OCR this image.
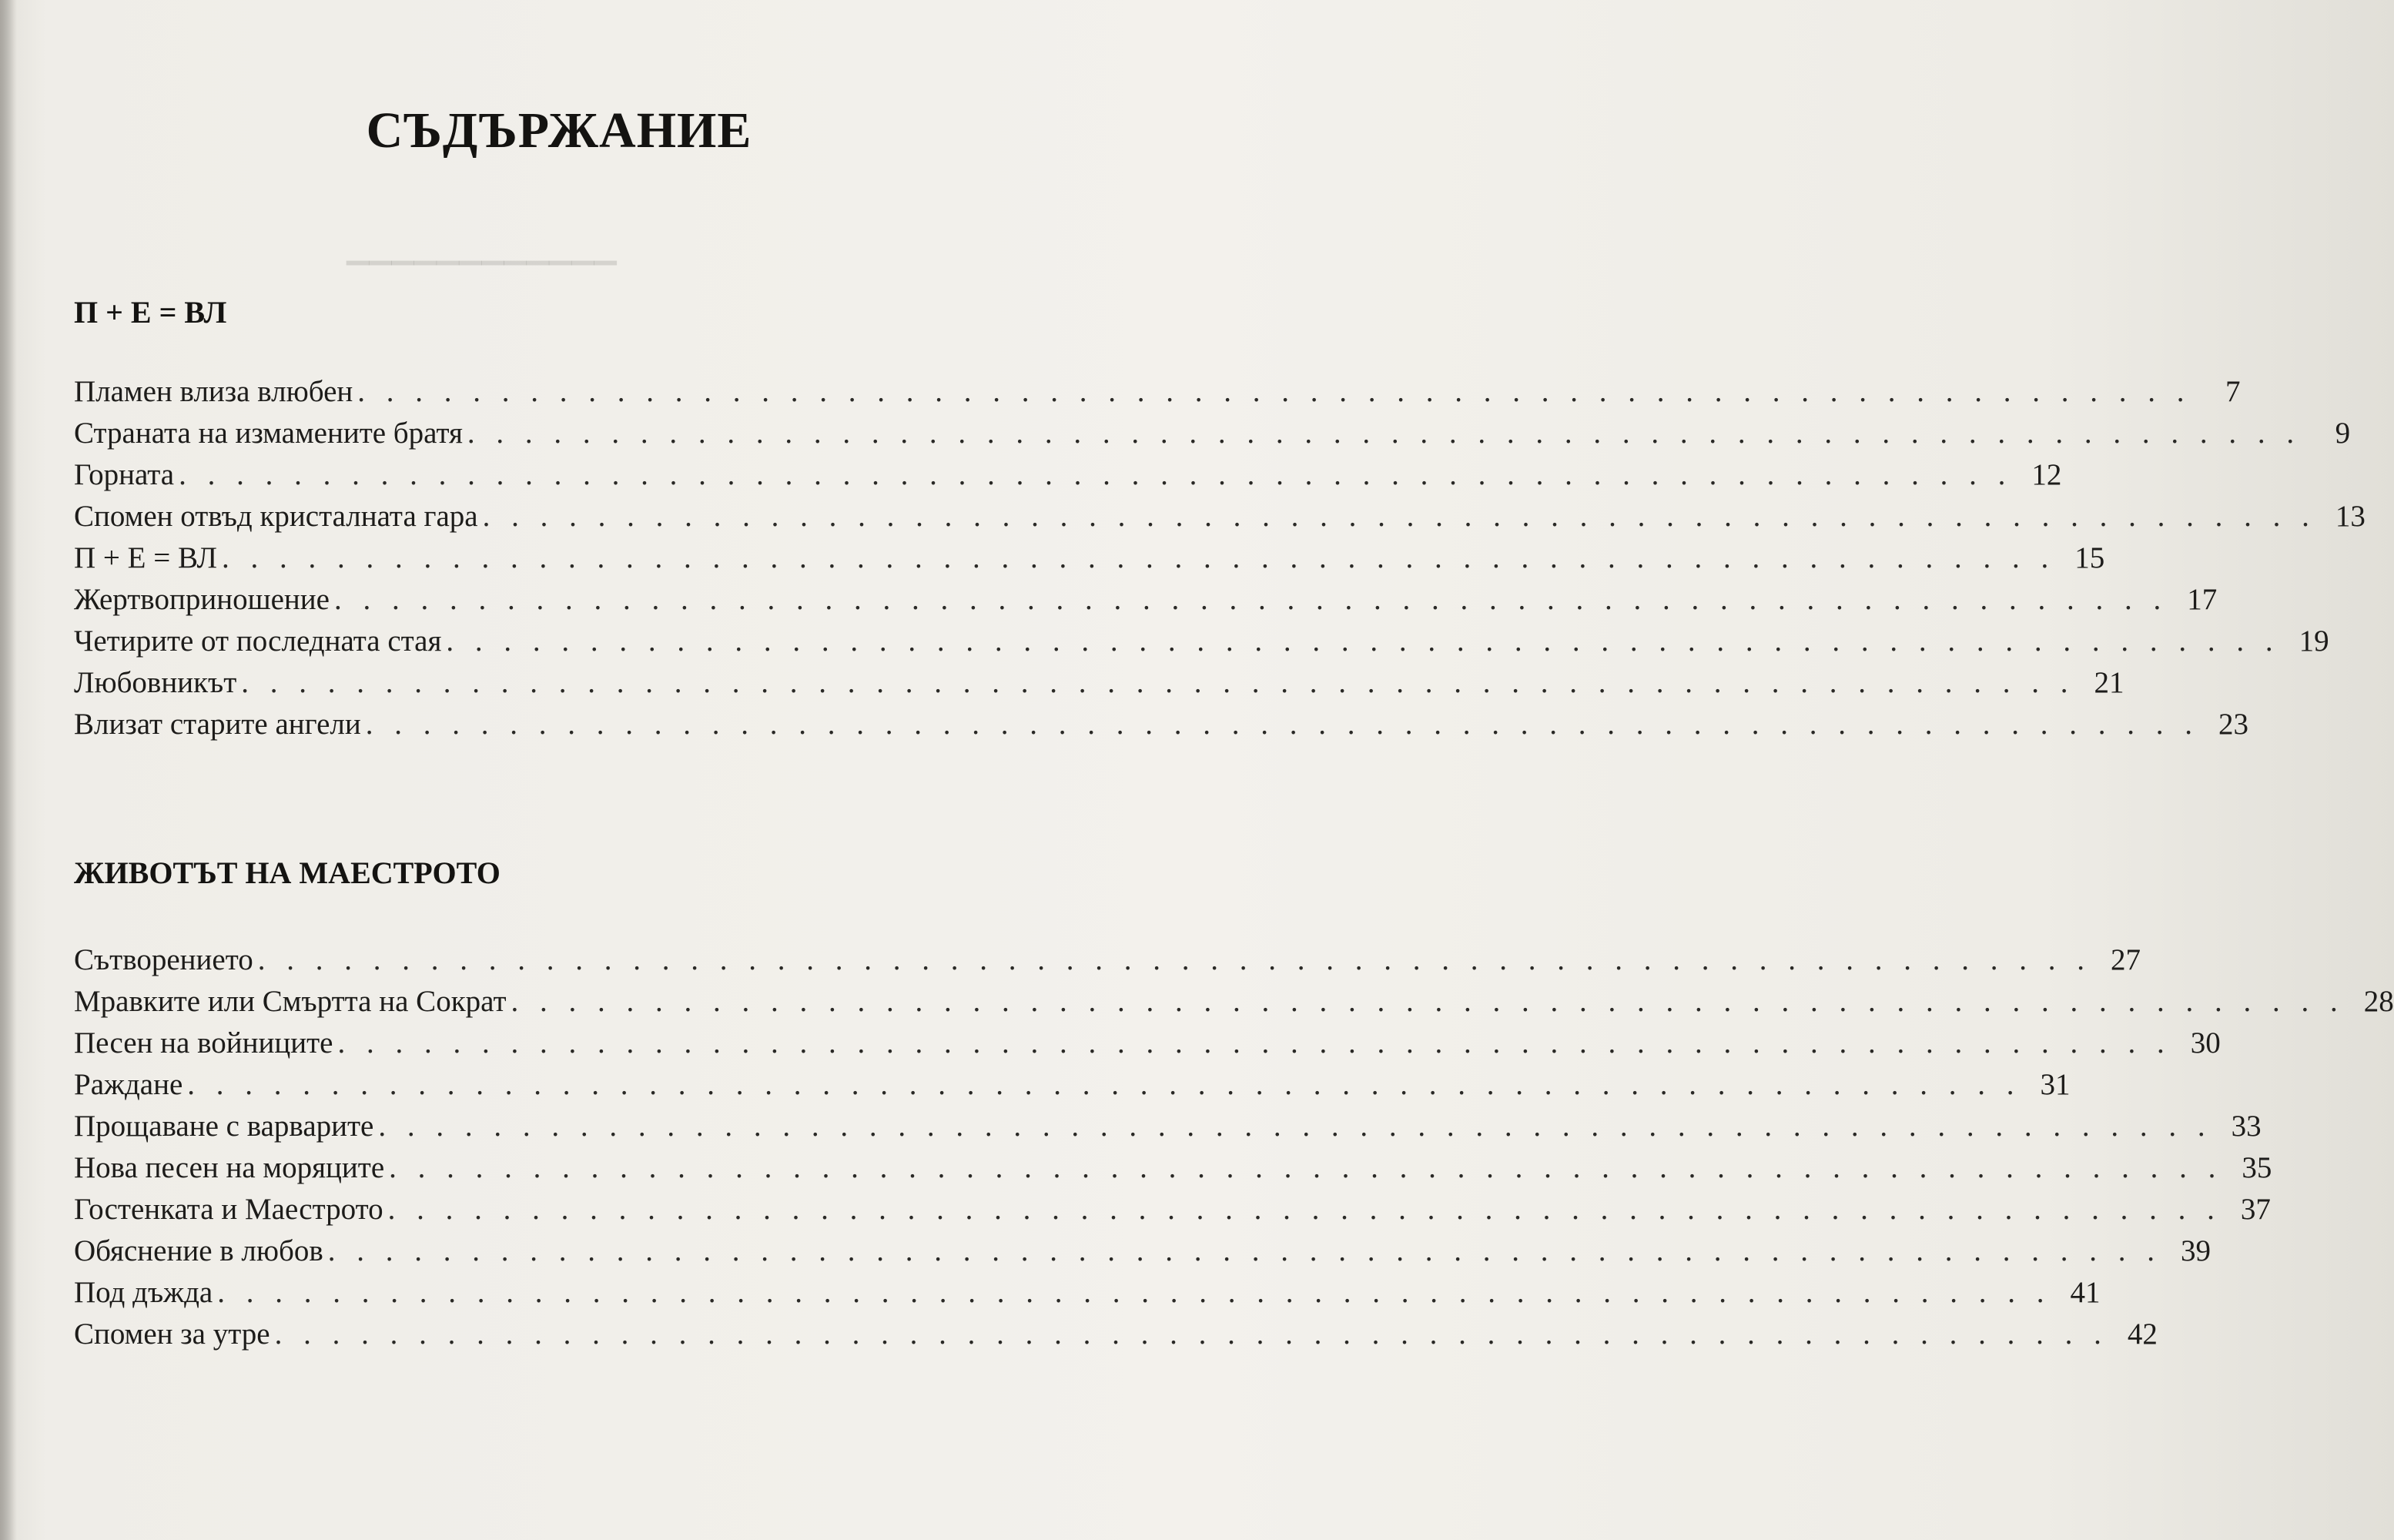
▁▁▁▁▁▁▁▁▁▁▁▁
СЪДЪРЖАНИЕ
П + Е = ВЛ
Пламен влиза влюбен . . . . . . . . . . . . . . . . . . . . . . . . . . . . . . . . . . . . . . . . . . . . . . . . . . . . . . . . . . . . . . . .	7
Страната на измамените братя . . . . . . . . . . . . . . . . . . . . . . . . . . . . . . . . . . . . . . . . . . . . . . . . . . . . . . . . . . . . . . . .	9
Горната . . . . . . . . . . . . . . . . . . . . . . . . . . . . . . . . . . . . . . . . . . . . . . . . . . . . . . . . . . . . . . . . 12
Спомен отвъд кристалната гара . . . . . . . . . . . . . . . . . . . . . . . . . . . . . . . . . . . . . . . . . . . . . . . . . . . . . . . . . . . . . . . . 13
П + Е = ВЛ . . . . . . . . . . . . . . . . . . . . . . . . . . . . . . . . . . . . . . . . . . . . . . . . . . . . . . . . . . . . . . . . 15
Жертвоприношение . . . . . . . . . . . . . . . . . . . . . . . . . . . . . . . . . . . . . . . . . . . . . . . . . . . . . . . . . . . . . . . . 17
Четирите от последната стая . . . . . . . . . . . . . . . . . . . . . . . . . . . . . . . . . . . . . . . . . . . . . . . . . . . . . . . . . . . . . . . . 19
Любовникът . . . . . . . . . . . . . . . . . . . . . . . . . . . . . . . . . . . . . . . . . . . . . . . . . . . . . . . . . . . . . . . . 21
Влизат старите ангели . . . . . . . . . . . . . . . . . . . . . . . . . . . . . . . . . . . . . . . . . . . . . . . . . . . . . . . . . . . . . . . . 23
ЖИВОТЪТ НА МАЕСТРОТО
Сътворението . . . . . . . . . . . . . . . . . . . . . . . . . . . . . . . . . . . . . . . . . . . . . . . . . . . . . . . . . . . . . . . . 27
Мравките или Смъртта на Сократ . . . . . . . . . . . . . . . . . . . . . . . . . . . . . . . . . . . . . . . . . . . . . . . . . . . . . . . . . . . . . . . . 28
Песен на войниците . . . . . . . . . . . . . . . . . . . . . . . . . . . . . . . . . . . . . . . . . . . . . . . . . . . . . . . . . . . . . . . . 30
Раждане . . . . . . . . . . . . . . . . . . . . . . . . . . . . . . . . . . . . . . . . . . . . . . . . . . . . . . . . . . . . . . . . 31
Прощаване с варварите . . . . . . . . . . . . . . . . . . . . . . . . . . . . . . . . . . . . . . . . . . . . . . . . . . . . . . . . . . . . . . . . 33
Нова песен на моряците . . . . . . . . . . . . . . . . . . . . . . . . . . . . . . . . . . . . . . . . . . . . . . . . . . . . . . . . . . . . . . . . 35
Гостенката и Маестрото . . . . . . . . . . . . . . . . . . . . . . . . . . . . . . . . . . . . . . . . . . . . . . . . . . . . . . . . . . . . . . . . 37
Обяснение в любов . . . . . . . . . . . . . . . . . . . . . . . . . . . . . . . . . . . . . . . . . . . . . . . . . . . . . . . . . . . . . . . . 39
Под дъжда . . . . . . . . . . . . . . . . . . . . . . . . . . . . . . . . . . . . . . . . . . . . . . . . . . . . . . . . . . . . . . . . 41
Спомен за утре . . . . . . . . . . . . . . . . . . . . . . . . . . . . . . . . . . . . . . . . . . . . . . . . . . . . . . . . . . . . . . . . 42
